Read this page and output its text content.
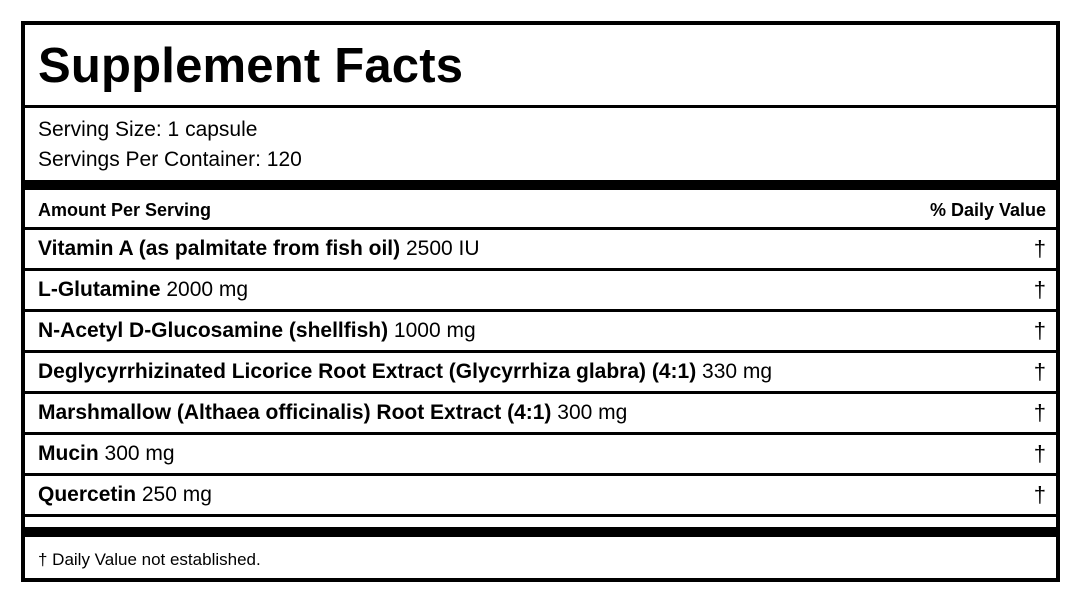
Supplement Facts
Serving Size: 1 capsule
Servings Per Container: 120
Amount Per Serving	% Daily Value
Vitamin A (as palmitate from fish oil) 2500 IU	†
L-Glutamine 2000 mg	†
N-Acetyl D-Glucosamine (shellfish) 1000 mg	†
Deglycyrrhizinated Licorice Root Extract (Glycyrrhiza glabra) (4:1) 330 mg	†
Marshmallow (Althaea officinalis) Root Extract (4:1) 300 mg	†
Mucin 300 mg	†
Quercetin 250 mg	†
† Daily Value not established.
